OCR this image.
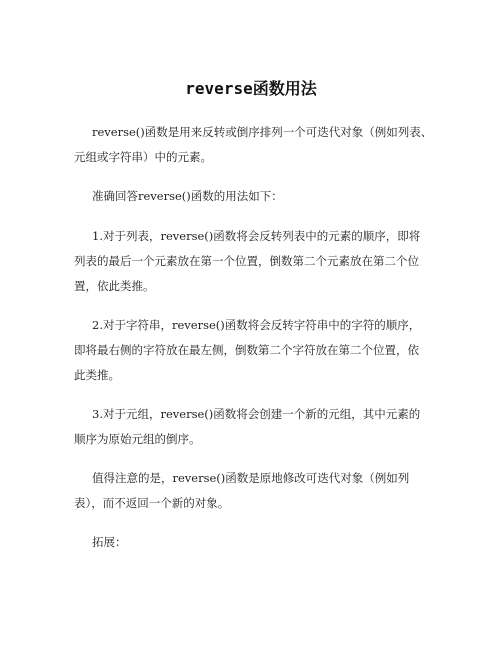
reverse函数用法
reverse()函数是用来反转或倒序排列一个可迭代对象（例如列表、
元组或字符串）中的元素。
准确回答reverse()函数的用法如下：
1.对于列表，reverse()函数将会反转列表中的元素的顺序，即将
列表的最后一个元素放在第一个位置，倒数第二个元素放在第二个位
置，依此类推。
2.对于字符串，reverse()函数将会反转字符串中的字符的顺序，
即将最右侧的字符放在最左侧，倒数第二个字符放在第二个位置，依
此类推。
3.对于元组，reverse()函数将会创建一个新的元组，其中元素的
顺序为原始元组的倒序。
值得注意的是，reverse()函数是原地修改可迭代对象（例如列
表），而不返回一个新的对象。
拓展：
